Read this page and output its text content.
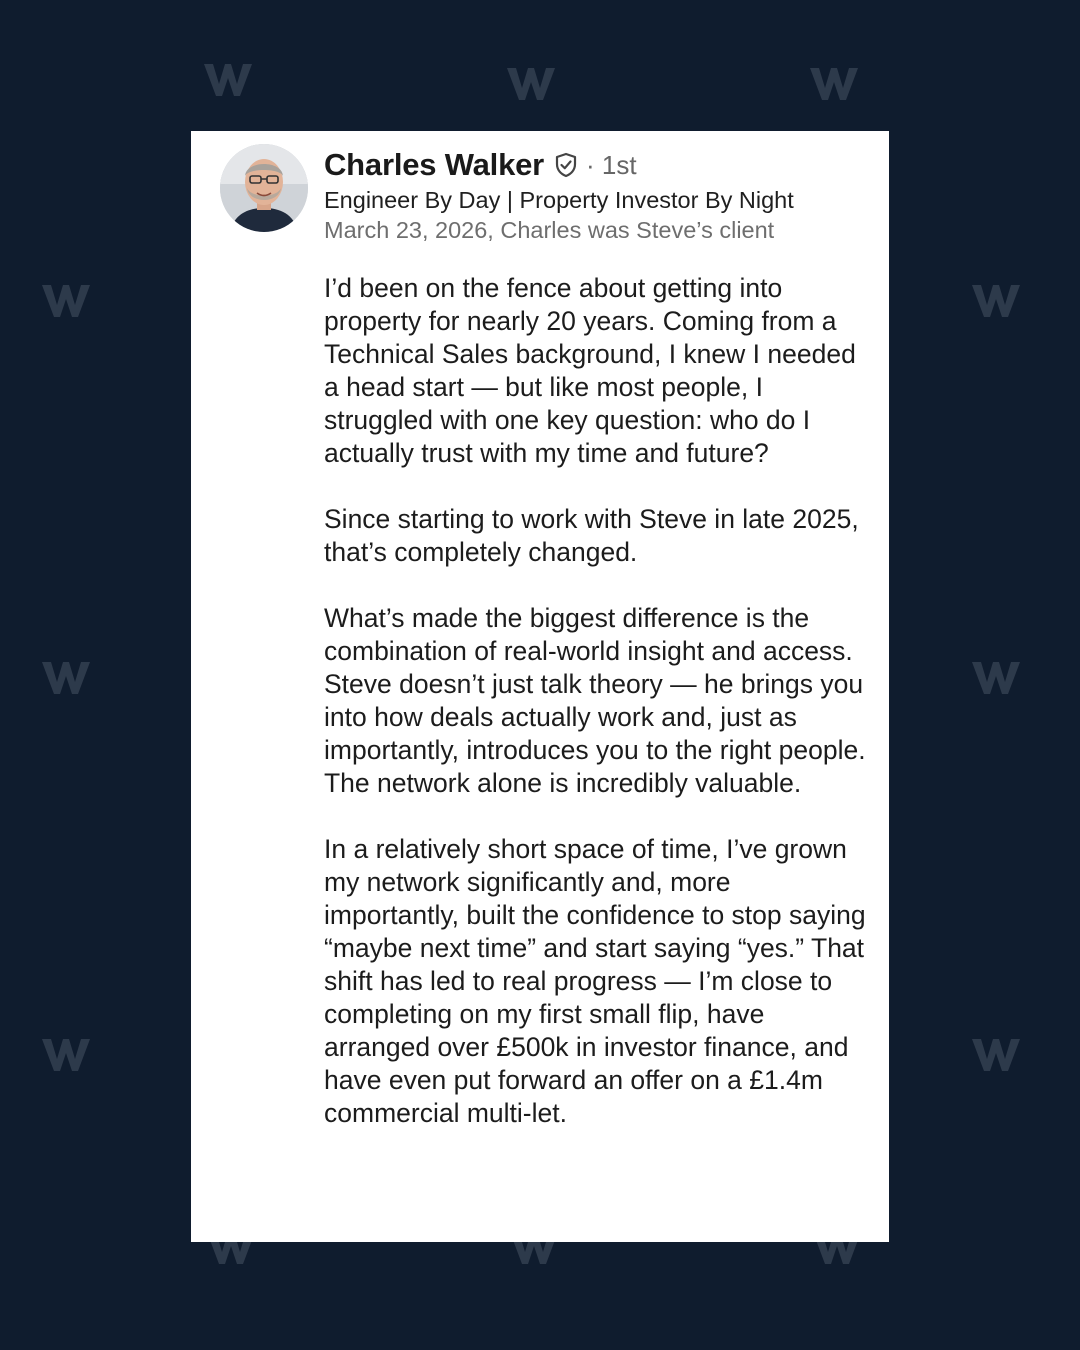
Charles Walker · 1st
Engineer By Day | Property Investor By Night
March 23, 2026, Charles was Steve’s client

I’d been on the fence about getting into property for nearly 20 years. Coming from a Technical Sales background, I knew I needed a head start — but like most people, I struggled with one key question: who do I actually trust with my time and future?

Since starting to work with Steve in late 2025, that’s completely changed.

What’s made the biggest difference is the combination of real-world insight and access. Steve doesn’t just talk theory — he brings you into how deals actually work and, just as importantly, introduces you to the right people. The network alone is incredibly valuable.

In a relatively short space of time, I’ve grown my network significantly and, more importantly, built the confidence to stop saying “maybe next time” and start saying “yes.” That shift has led to real progress — I’m close to completing on my first small flip, have arranged over £500k in investor finance, and have even put forward an offer on a £1.4m commercial multi-let.
